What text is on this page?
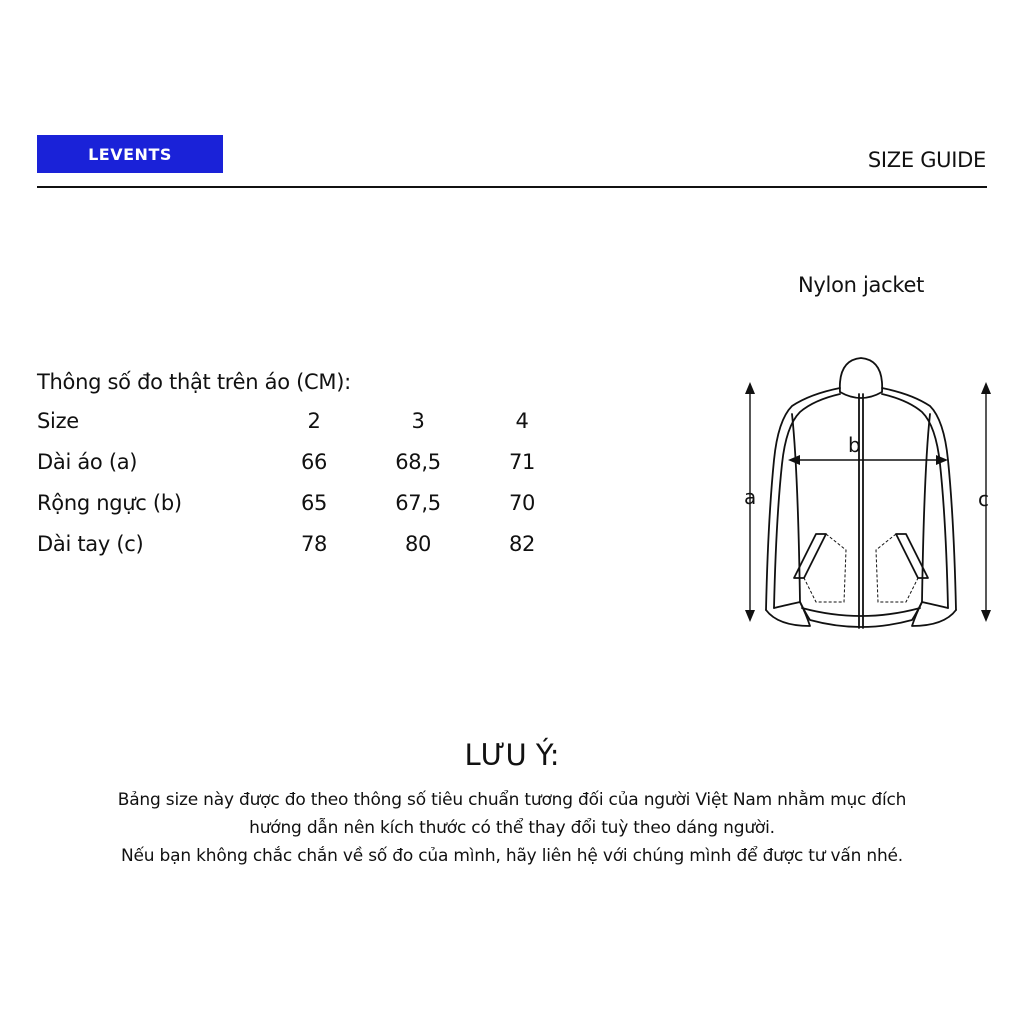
LEVENTS	SIZE GUIDE
Nylon jacket
Thông số đo thật trên áo (CM):
Size	2	3	4
Dài áo (a)	66	68,5	71
Rộng ngực (b)	65	67,5	70
Dài tay (c)	78	80	82
a
b
c
LƯU Ý:
Bảng size này được đo theo thông số tiêu chuẩn tương đối của người Việt Nam nhằm mục đích
hướng dẫn nên kích thước có thể thay đổi tuỳ theo dáng người.
Nếu bạn không chắc chắn về số đo của mình, hãy liên hệ với chúng mình để được tư vấn nhé.
